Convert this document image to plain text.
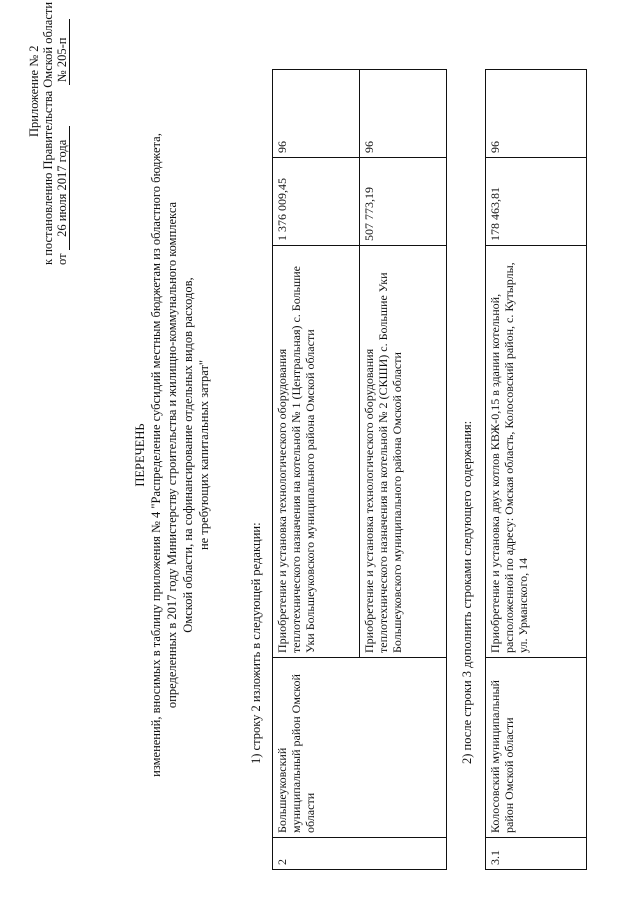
Приложение № 2 к постановлению Правительства Омской области от 26 июля 2017 года № 205-п
ПЕРЕЧЕНЬ изменений, вносимых в таблицу приложения № 4 "Распределение субсидий местным бюджетам из областного бюджета, определенных в 2017 году Министерству строительства и жилищно-коммунального комплекса Омской области, на софинансирование отдельных видов расходов, не требующих капитальных затрат"
1) строку 2 изложить в следующей редакции:
2	Большеуковский муниципальный район Омской области	Приобретение и установка технологического оборудования теплотехнического назначения на котельной № 1 (Центральная) с. Большие Уки Большеуковского муниципального района Омской области	1 376 009,45	96
		Приобретение и установка технологического оборудования теплотехнического назначения на котельной № 2 (СКШИ) с. Большие Уки Большеуковского муниципального района Омской области	507 773,19	96
2) после строки 3 дополнить строками следующего содержания:
3.1	Колосовский муниципальный район Омской области	Приобретение и установка двух котлов КВЖ-0,15 в здании котельной, расположенной по адресу: Омская область, Колосовский район, с. Кутырлы, ул. Урманского, 14	178 463,81	96
